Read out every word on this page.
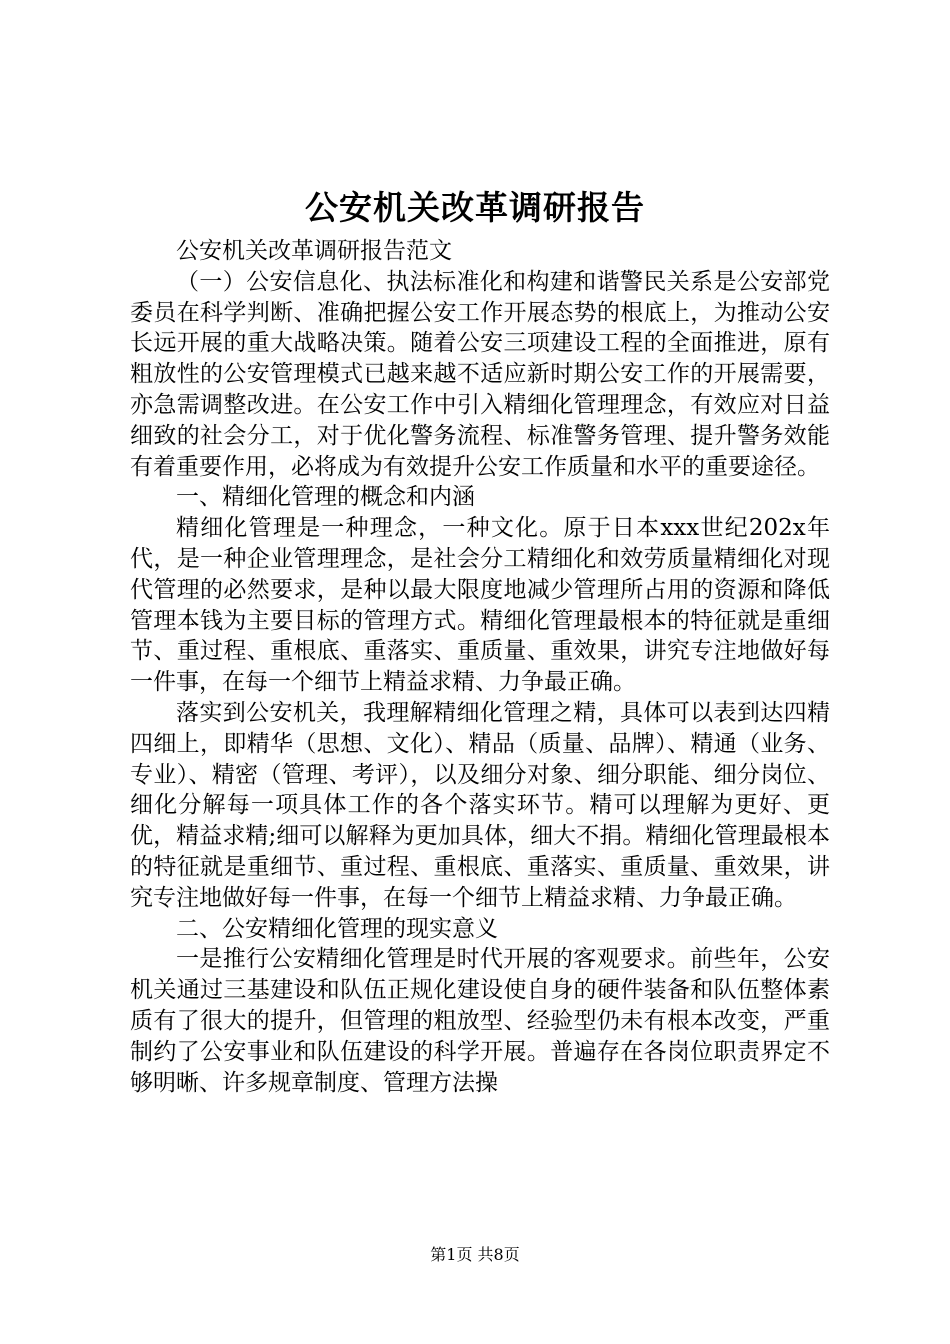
公安机关改革调研报告

公安机关改革调研报告范文

（一）公安信息化、执法标准化和构建和谐警民关系是公安部党委员在科学判断、准确把握公安工作开展态势的根底上，为推动公安长远开展的重大战略决策。随着公安三项建设工程的全面推进，原有粗放性的公安管理模式已越来越不适应新时期公安工作的开展需要，亦急需调整改进。在公安工作中引入精细化管理理念，有效应对日益细致的社会分工，对于优化警务流程、标准警务管理、提升警务效能有着重要作用，必将成为有效提升公安工作质量和水平的重要途径。

一、精细化管理的概念和内涵

精细化管理是一种理念，一种文化。原于日本xxx世纪202x年代，是一种企业管理理念，是社会分工精细化和效劳质量精细化对现代管理的必然要求，是种以最大限度地减少管理所占用的资源和降低管理本钱为主要目标的管理方式。精细化管理最根本的特征就是重细节、重过程、重根底、重落实、重质量、重效果，讲究专注地做好每一件事，在每一个细节上精益求精、力争最正确。

落实到公安机关，我理解精细化管理之精，具体可以表到达四精四细上，即精华（思想、文化）、精品（质量、品牌）、精通（业务、专业）、精密（管理、考评），以及细分对象、细分职能、细分岗位、细化分解每一项具体工作的各个落实环节。精可以理解为更好、更优，精益求精;细可以解释为更加具体，细大不捐。精细化管理最根本的特征就是重细节、重过程、重根底、重落实、重质量、重效果，讲究专注地做好每一件事，在每一个细节上精益求精、力争最正确。

二、公安精细化管理的现实意义

一是推行公安精细化管理是时代开展的客观要求。前些年，公安机关通过三基建设和队伍正规化建设使自身的硬件装备和队伍整体素质有了很大的提升，但管理的粗放型、经验型仍未有根本改变，严重制约了公安事业和队伍建设的科学开展。普遍存在各岗位职责界定不够明晰、许多规章制度、管理方法操

第1页 共8页
